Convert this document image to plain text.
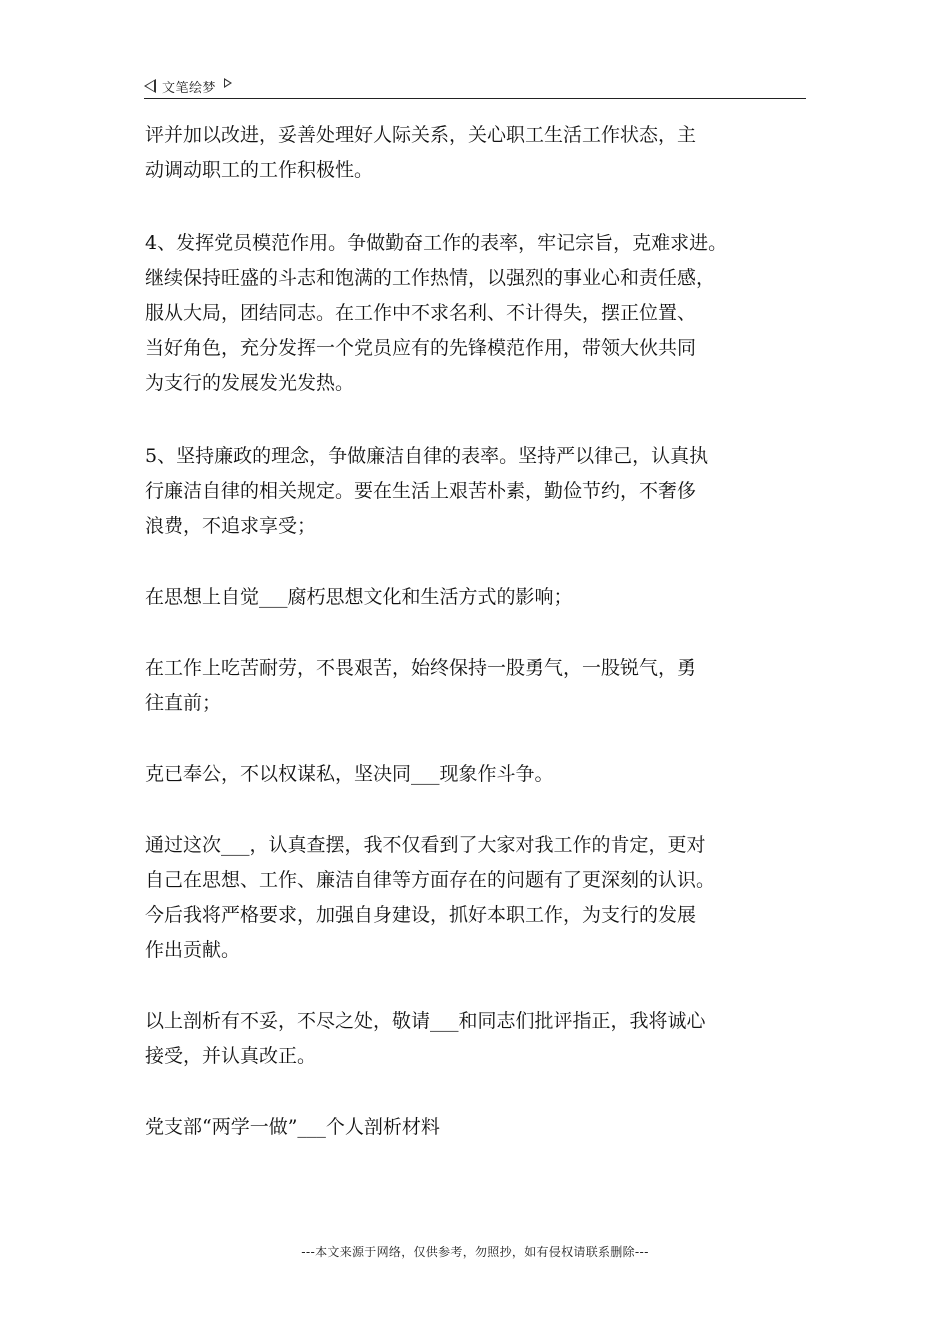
文笔绘梦

评并加以改进，妥善处理好人际关系，关心职工生活工作状态，主
动调动职工的工作积极性。

4、发挥党员模范作用。争做勤奋工作的表率，牢记宗旨，克难求进。
继续保持旺盛的斗志和饱满的工作热情，以强烈的事业心和责任感，
服从大局，团结同志。在工作中不求名利、不计得失，摆正位置、
当好角色，充分发挥一个党员应有的先锋模范作用，带领大伙共同
为支行的发展发光发热。

5、坚持廉政的理念，争做廉洁自律的表率。坚持严以律己，认真执
行廉洁自律的相关规定。要在生活上艰苦朴素，勤俭节约，不奢侈
浪费，不追求享受；

在思想上自觉___腐朽思想文化和生活方式的影响；

在工作上吃苦耐劳，不畏艰苦，始终保持一股勇气，一股锐气，勇
往直前；

克已奉公，不以权谋私，坚决同___现象作斗争。

通过这次___，认真查摆，我不仅看到了大家对我工作的肯定，更对
自己在思想、工作、廉洁自律等方面存在的问题有了更深刻的认识。
今后我将严格要求，加强自身建设，抓好本职工作，为支行的发展
作出贡献。

以上剖析有不妥，不尽之处，敬请___和同志们批评指正，我将诚心
接受，并认真改正。

党支部“两学一做”___个人剖析材料

---本文来源于网络，仅供参考，勿照抄，如有侵权请联系删除---
